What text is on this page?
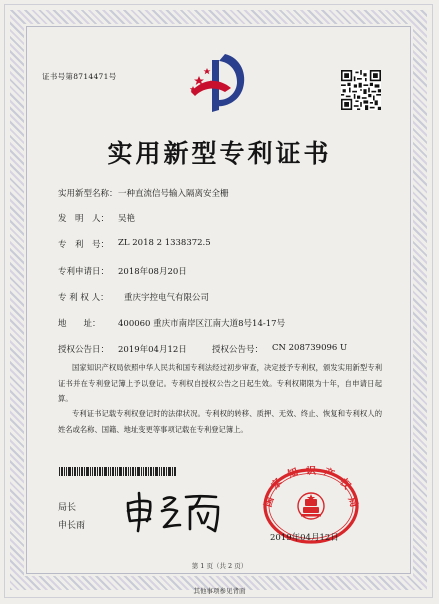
证书号第8714471号
实用新型专利证书
实用新型名称： 一种直流信号输入隔离安全栅
发　明　人： 吴艳
专　利　号： ZL 2018 2 1338372.5
专利申请日： 2018年08月20日
专 利 权 人： 重庆宇控电气有限公司
地　　址： 400060 重庆市南岸区江南大道8号14-17号
授权公告日： 2019年04月12日	授权公告号： CN 208739096 U
国家知识产权局依照中华人民共和国专利法经过初步审查，决定授予专利权，颁发实用新型专利证书并在专利登记簿上予以登记。专利权自授权公告之日起生效。专利权期限为十年，自申请日起算。
专利证书记载专利权登记时的法律状况。专利权的转移、质押、无效、终止、恢复和专利权人的姓名或名称、国籍、地址变更等事项记载在专利登记簿上。
局长
申长雨
国
家
知 识 产
权
局
2019年04月12日
第 1 页（共 2 页）
其他事项参见背面
